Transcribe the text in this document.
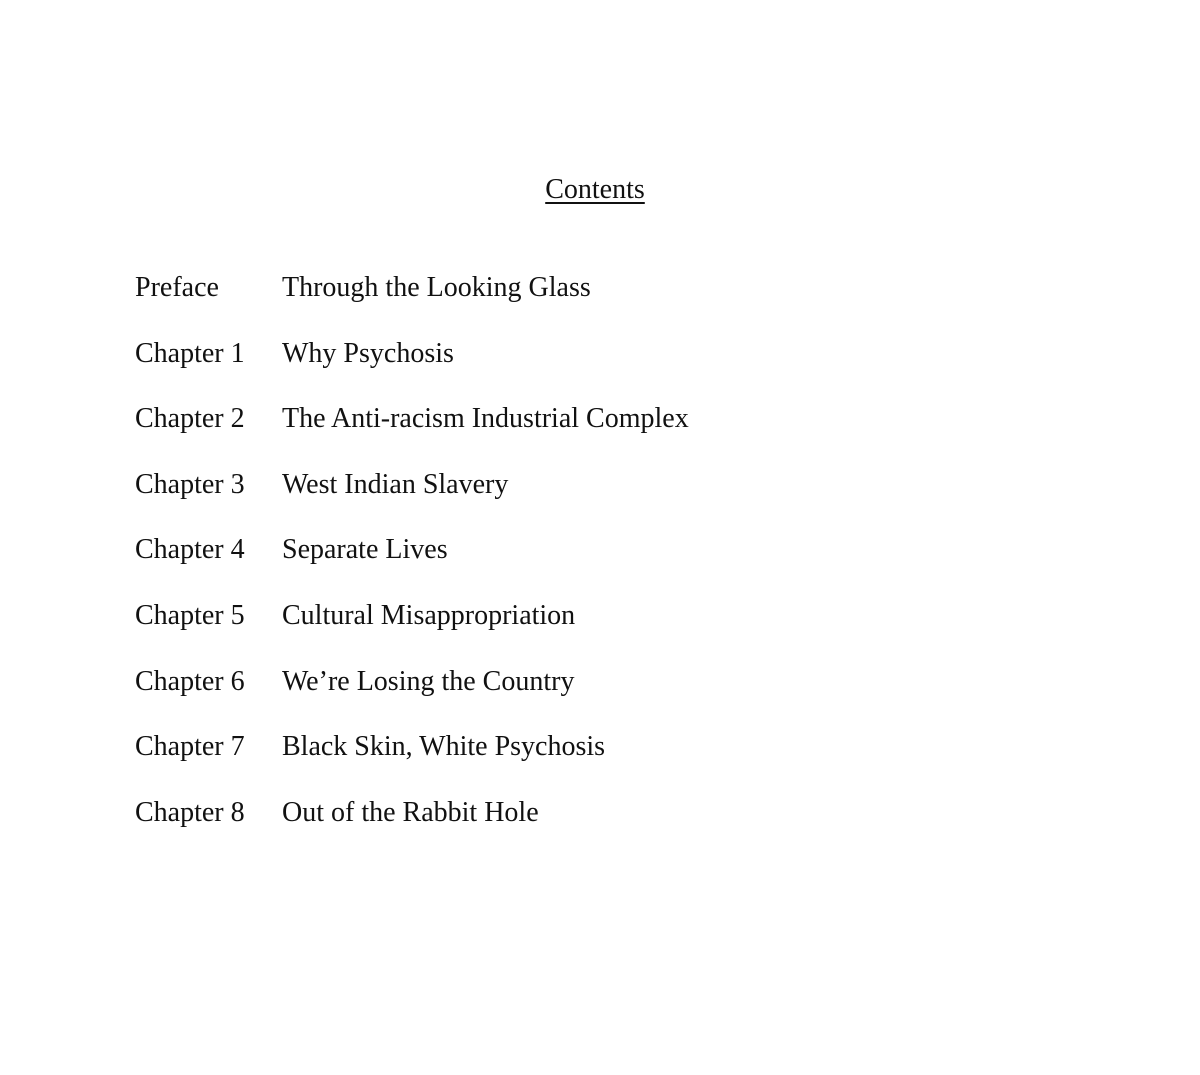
Contents
Preface	Through the Looking Glass
Chapter 1	Why Psychosis
Chapter 2	The Anti-racism Industrial Complex
Chapter 3	West Indian Slavery
Chapter 4	Separate Lives
Chapter 5	Cultural Misappropriation
Chapter 6	We’re Losing the Country
Chapter 7	Black Skin, White Psychosis
Chapter 8	Out of the Rabbit Hole
